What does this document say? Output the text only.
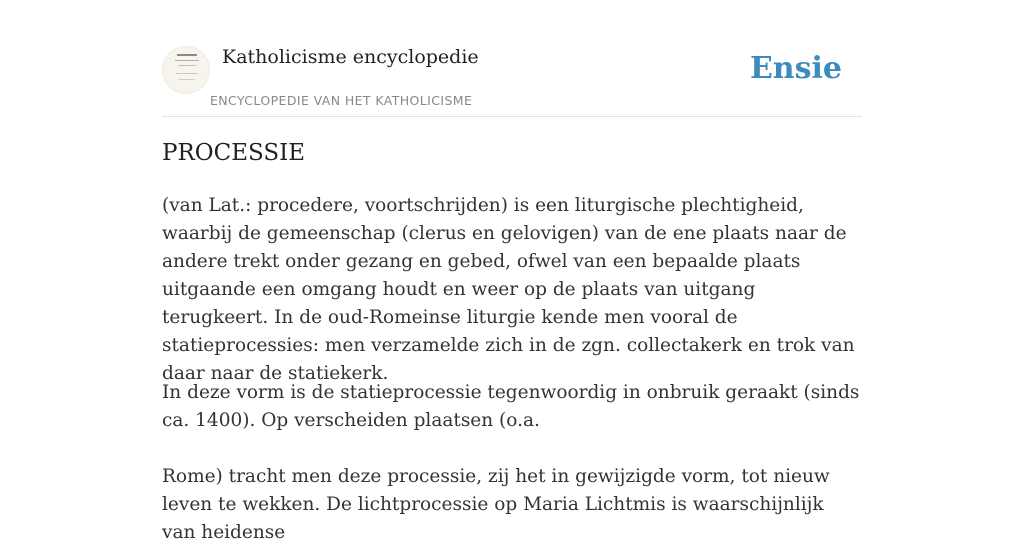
Katholicisme encyclopedie
ENCYCLOPEDIE VAN HET KATHOLICISME
Ensie
PROCESSIE

(van Lat.: procedere, voortschrijden) is een liturgische plechtigheid, waarbij de gemeenschap (clerus en gelovigen) van de ene plaats naar de andere trekt onder gezang en gebed, ofwel van een bepaalde plaats uitgaande een omgang houdt en weer op de plaats van uitgang terugkeert. In de oud-Romeinse liturgie kende men vooral de statieprocessies: men verzamelde zich in de zgn. collectakerk en trok van daar naar de statiekerk.

In deze vorm is de statieprocessie tegenwoordig in onbruik geraakt (sinds ca. 1400). Op verscheiden plaatsen (o.a.

Rome) tracht men deze processie, zij het in gewijzigde vorm, tot nieuw leven te wekken. De lichtprocessie op Maria Lichtmis is waarschijnlijk van heidense
